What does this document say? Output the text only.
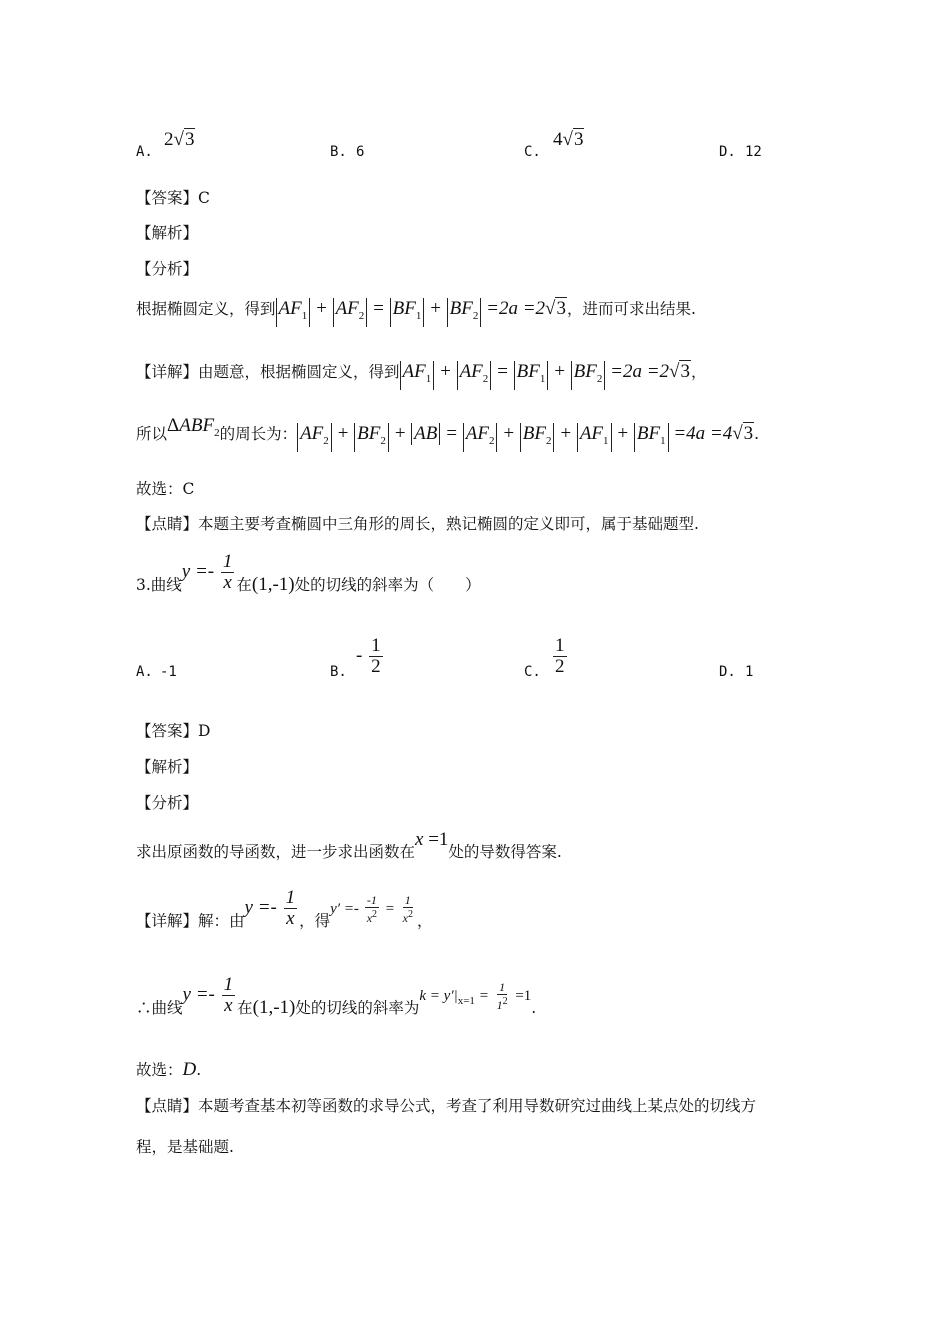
A.
2√3
B. 6	C.
4√3
D. 12
【答案】C
【解析】
【分析】
根据椭圆定义，得到 $AF_1 + AF_2 = BF_1 + BF_2 =2a =2√3$，进而可求出结果.
【详解】由题意，根据椭圆定义，得到 $AF_1 + AF_2 = BF_1 + BF_2 =2a =2√3$，
所以$\Delta ABF_2$的周长为： $AF_2 + BF_2$ + AB = $AF_2 + BF_2 + AF_1 + BF_1 =4a =4√3$.
故选：C
【点睛】本题主要考查椭圆中三角形的周长，熟记椭圆的定义即可，属于基础题型.
3.曲线$y =- \frac{1}{x}$ 在(1,-1)处的切线的斜率为（　　）
A. -1	B.
- $\frac{1}{2}$	C. $\frac{1}{2}$	D. 1
【答案】D
【解析】
【分析】
求出原函数的导函数，进一步求出函数在x =1处的导数得答案.
【详解】解：由$y =- \frac{1}{x}$ ，得$y' =- \frac{-1}{x^2} = \frac{1}{x^2}$ ，
∴曲线$y =- \frac{1}{x}$ 在(1,-1)处的切线的斜率为$k = y'|_{x=1} = \frac{1}{1^2} =1$.
故选：D.
【点睛】本题考查基本初等函数的求导公式，考查了利用导数研究过曲线上某点处的切线方
程，是基础题.
